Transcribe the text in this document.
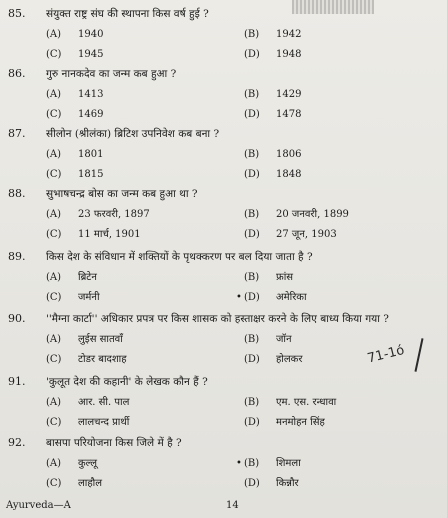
85. संयुक्त राष्ट्र संघ की स्थापना किस वर्ष हुई ?
(A) 1940	(B) 1942
(C) 1945	(D) 1948
86. गुरु नानकदेव का जन्म कब हुआ ?
(A) 1413	(B) 1429
(C) 1469	(D) 1478
87. सीलोन (श्रीलंका) ब्रिटिश उपनिवेश कब बना ?
(A) 1801	(B) 1806
(C) 1815	(D) 1848
88. सुभाषचन्द्र बोस का जन्म कब हुआ था ?
(A) 23 फरवरी, 1897	(B) 20 जनवरी, 1899
(C) 11 मार्च, 1901	(D) 27 जून, 1903
89. किस देश के संविधान में शक्तियों के पृथक्करण पर बल दिया जाता है ?
(A) ब्रिटेन	(B) फ्रांस
(C) जर्मनी	• (D) अमेरिका
90. ''मैग्ना कार्टा'' अधिकार प्रपत्र पर किस शासक को हस्ताक्षर करने के लिए बाध्य किया गया ?
(A) लुईस सातवाँ	(B) जॉन
(C) टोडर बादशाह	(D) होलकर
91. 'कुलूत देश की कहानी' के लेखक कौन हैं ?
(A) आर. सी. पाल	(B) एम. एस. रन्धावा
(C) लालचन्द प्रार्थी	(D) मनमोहन सिंह
92. बासपा परियोजना किस जिले में है ?
(A) कुल्लू	• (B) शिमला
(C) लाहौल	(D) किन्नौर
71-1ó
Ayurveda—A	14
